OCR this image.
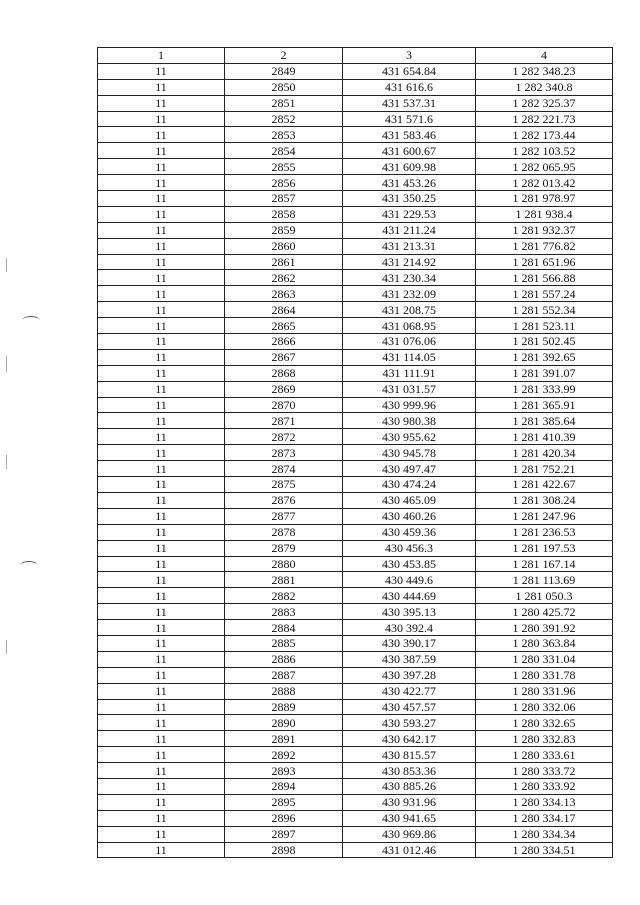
1	2	3	4
11	2849	431 654.84	1 282 348.23
11	2850	431 616.6	1 282 340.8
11	2851	431 537.31	1 282 325.37
11	2852	431 571.6	1 282 221.73
11	2853	431 583.46	1 282 173.44
11	2854	431 600.67	1 282 103.52
11	2855	431 609.98	1 282 065.95
11	2856	431 453.26	1 282 013.42
11	2857	431 350.25	1 281 978.97
11	2858	431 229.53	1 281 938.4
11	2859	431 211.24	1 281 932.37
11	2860	431 213.31	1 281 776.82
11	2861	431 214.92	1 281 651.96
11	2862	431 230.34	1 281 566.88
11	2863	431 232.09	1 281 557.24
11	2864	431 208.75	1 281 552.34
11	2865	431 068.95	1 281 523.11
11	2866	431 076.06	1 281 502.45
11	2867	431 114.05	1 281 392.65
11	2868	431 111.91	1 281 391.07
11	2869	431 031.57	1 281 333.99
11	2870	430 999.96	1 281 365.91
11	2871	430 980.38	1 281 385.64
11	2872	430 955.62	1 281 410.39
11	2873	430 945.78	1 281 420.34
11	2874	430 497.47	1 281 752.21
11	2875	430 474.24	1 281 422.67
11	2876	430 465.09	1 281 308.24
11	2877	430 460.26	1 281 247.96
11	2878	430 459.36	1 281 236.53
11	2879	430 456.3	1 281 197.53
11	2880	430 453.85	1 281 167.14
11	2881	430 449.6	1 281 113.69
11	2882	430 444.69	1 281 050.3
11	2883	430 395.13	1 280 425.72
11	2884	430 392.4	1 280 391.92
11	2885	430 390.17	1 280 363.84
11	2886	430 387.59	1 280 331.04
11	2887	430 397.28	1 280 331.78
11	2888	430 422.77	1 280 331.96
11	2889	430 457.57	1 280 332.06
11	2890	430 593.27	1 280 332.65
11	2891	430 642.17	1 280 332.83
11	2892	430 815.57	1 280 333.61
11	2893	430 853.36	1 280 333.72
11	2894	430 885.26	1 280 333.92
11	2895	430 931.96	1 280 334.13
11	2896	430 941.65	1 280 334.17
11	2897	430 969.86	1 280 334.34
11	2898	431 012.46	1 280 334.51
